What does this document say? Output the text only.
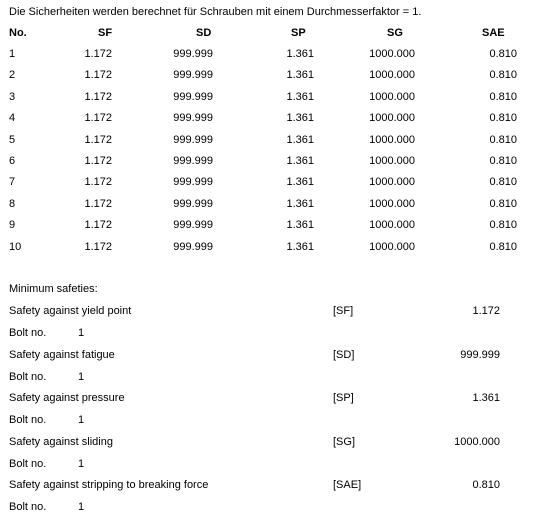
Die Sicherheiten werden berechnet für Schrauben mit einem Durchmesserfaktor = 1.
No.	SF	SD	SP	SG	SAE
1	1.172	999.999	1.361	1000.000	0.810
2	1.172	999.999	1.361	1000.000	0.810
3	1.172	999.999	1.361	1000.000	0.810
4	1.172	999.999	1.361	1000.000	0.810
5	1.172	999.999	1.361	1000.000	0.810
6	1.172	999.999	1.361	1000.000	0.810
7	1.172	999.999	1.361	1000.000	0.810
8	1.172	999.999	1.361	1000.000	0.810
9	1.172	999.999	1.361	1000.000	0.810
10	1.172	999.999	1.361	1000.000	0.810
Minimum safeties:
Safety against yield point	[SF]	1.172
Bolt no.	1
Safety against fatigue	[SD]	999.999
Bolt no.	1
Safety against pressure	[SP]	1.361
Bolt no.	1
Safety against sliding	[SG]	1000.000
Bolt no.	1
Safety against stripping to breaking force	[SAE]	0.810
Bolt no.	1
